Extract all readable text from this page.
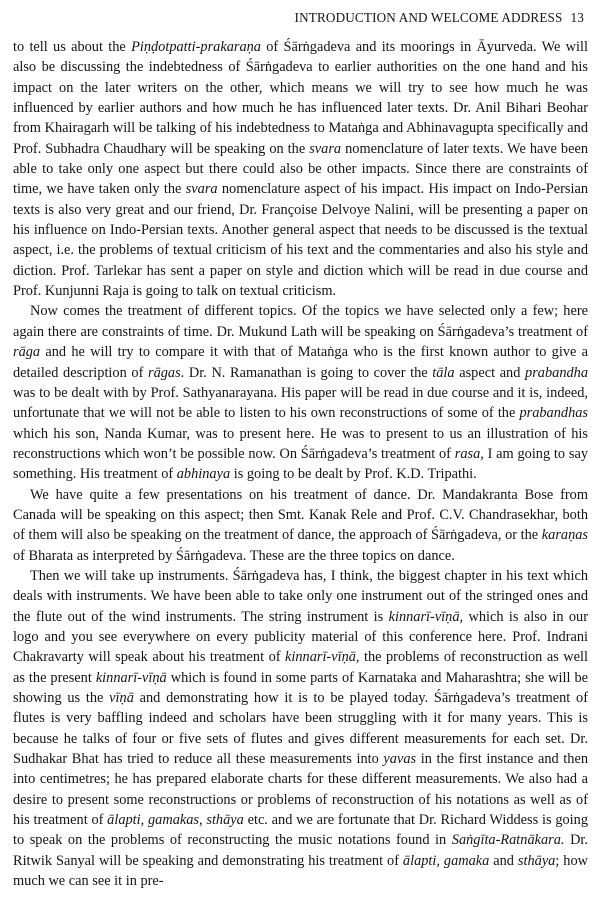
INTRODUCTION AND WELCOME ADDRESS 13

to tell us about the Piṇḍotpatti-prakaraṇa of Śārṅgadeva and its moorings in Āyurveda. We will also be discussing the indebtedness of Śārṅgadeva to earlier authorities on the one hand and his impact on the later writers on the other, which means we will try to see how much he was influenced by earlier authors and how much he has influenced later texts. Dr. Anil Bihari Beohar from Khairagarh will be talking of his indebtedness to Mataṅga and Abhinavagupta specifically and Prof. Subhadra Chaudhary will be speaking on the svara nomenclature of later texts. We have been able to take only one aspect but there could also be other impacts. Since there are constraints of time, we have taken only the svara nomenclature aspect of his impact. His impact on Indo-Persian texts is also very great and our friend, Dr. Françoise Delvoye Nalini, will be presenting a paper on his influence on Indo-Persian texts. Another general aspect that needs to be discussed is the textual aspect, i.e. the problems of textual criticism of his text and the commentaries and also his style and diction. Prof. Tarlekar has sent a paper on style and diction which will be read in due course and Prof. Kunjunni Raja is going to talk on textual criticism.

Now comes the treatment of different topics. Of the topics we have selected only a few; here again there are constraints of time. Dr. Mukund Lath will be speaking on Śārṅgadeva’s treatment of rāga and he will try to compare it with that of Mataṅga who is the first known author to give a detailed description of rāgas. Dr. N. Ramanathan is going to cover the tāla aspect and prabandha was to be dealt with by Prof. Sathyanarayana. His paper will be read in due course and it is, indeed, unfortunate that we will not be able to listen to his own reconstructions of some of the prabandhas which his son, Nanda Kumar, was to present here. He was to present to us an illustration of his reconstructions which won’t be possible now. On Śārṅgadeva’s treatment of rasa, I am going to say something. His treatment of abhinaya is going to be dealt by Prof. K.D. Tripathi.

We have quite a few presentations on his treatment of dance. Dr. Mandakranta Bose from Canada will be speaking on this aspect; then Smt. Kanak Rele and Prof. C.V. Chandrasekhar, both of them will also be speaking on the treatment of dance, the approach of Śārṅgadeva, or the karaṇas of Bharata as interpreted by Śārṅgadeva. These are the three topics on dance.

Then we will take up instruments. Śārṅgadeva has, I think, the biggest chapter in his text which deals with instruments. We have been able to take only one instrument out of the stringed ones and the flute out of the wind instruments. The string instrument is kinnarī-vīṇā, which is also in our logo and you see everywhere on every publicity material of this conference here. Prof. Indrani Chakravarty will speak about his treatment of kinnarī-vīṇā, the problems of reconstruction as well as the present kinnarī-vīṇā which is found in some parts of Karnataka and Maharashtra; she will be showing us the vīṇā and demonstrating how it is to be played today. Śārṅgadeva’s treatment of flutes is very baffling indeed and scholars have been struggling with it for many years. This is because he talks of four or five sets of flutes and gives different measurements for each set. Dr. Sudhakar Bhat has tried to reduce all these measurements into yavas in the first instance and then into centimetres; he has prepared elaborate charts for these different measurements. We also had a desire to present some reconstructions or problems of reconstruction of his notations as well as of his treatment of ālapti, gamakas, sthāya etc. and we are fortunate that Dr. Richard Widdess is going to speak on the problems of reconstructing the music notations found in Saṅgīta-Ratnākara. Dr. Ritwik Sanyal will be speaking and demonstrating his treatment of ālapti, gamaka and sthāya; how much we can see it in pre-
